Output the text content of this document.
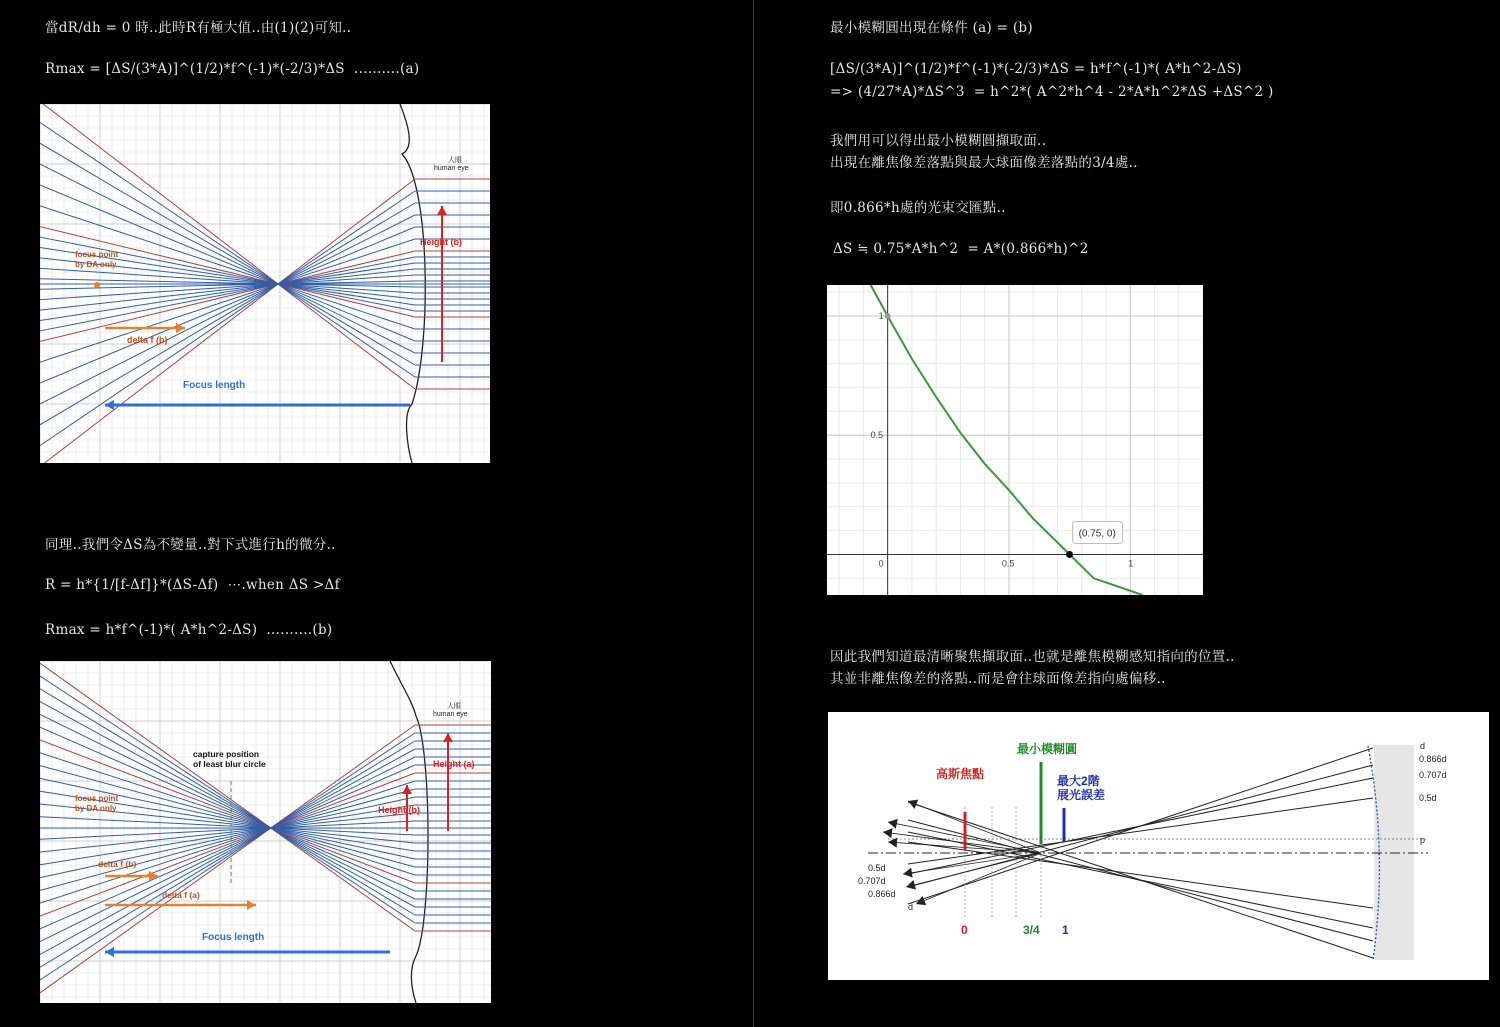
當dR/dh = 0 時..此時R有極大值..由(1)(2)可知..
Rmax = [ΔS/(3*A)]^(1/2)*f^(-1)*(-2/3)*ΔS  ..........(a)
人眼
human eye
Height (b)
focus point
by DA only
delta f (b)
Focus length
同理..我們令ΔS為不變量..對下式進行h的微分..
R = h*{1/[f-Δf]}*(ΔS-Δf)  ⋯.when ΔS >Δf
Rmax = h*f^(-1)*( A*h^2-ΔS)  ..........(b)
人眼
human eye
capture position
of least blur circle	Height (a)
Height (b)
focus point
by DA only
delta f (b)
delta f (a)
Focus length
最小模糊圓出現在條件 (a) = (b)
[ΔS/(3*A)]^(1/2)*f^(-1)*(-2/3)*ΔS = h*f^(-1)*( A*h^2-ΔS)
=> (4/27*A)*ΔS^3  = h^2*( A^2*h^4 - 2*A*h^2*ΔS +ΔS^2 )
我們用可以得出最小模糊圓擷取面..
出現在離焦像差落點與最大球面像差落點的3/4處..
即0.866*h處的光束交匯點..
ΔS ≒ 0.75*A*h^2  = A*(0.866*h)^2
0	0.5	1
0.5
1
(0.75, 0)
因此我們知道最清晰聚焦擷取面..也就是離焦模糊感知指向的位置..
其並非離焦像差的落點..而是會往球面像差指向處偏移..
高斯焦點
最小模糊圓
最大2階
展光誤差
0	3/4 1
d
0.866d
0.707d
0.5d
p
0.5d
0.707d
0.866d
d
